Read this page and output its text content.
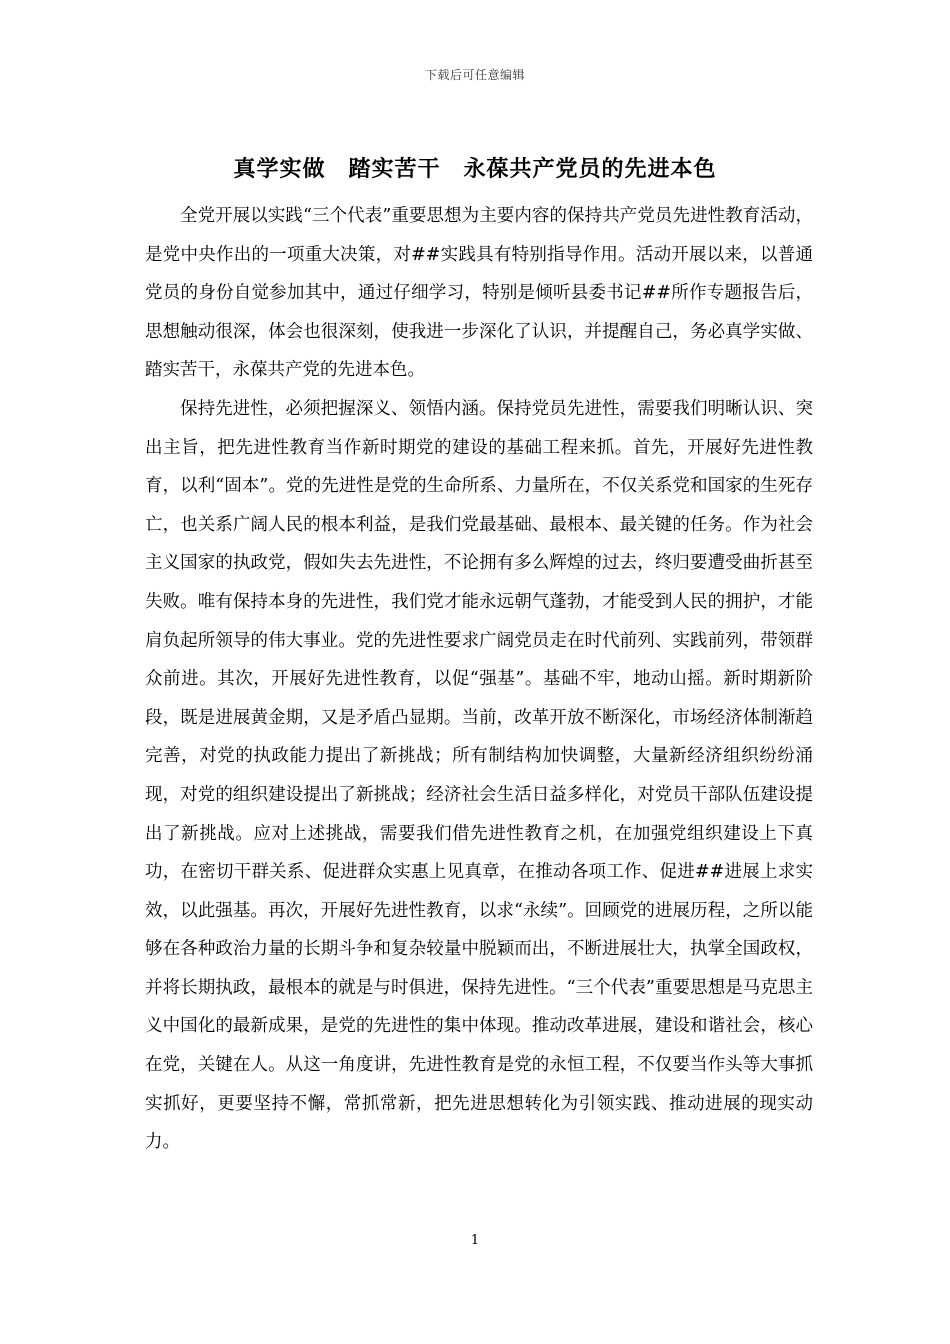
下载后可任意编辑
真学实做　踏实苦干　永葆共产党员的先进本色

全党开展以实践“三个代表”重要思想为主要内容的保持共产党员先进性教育活动，是党中央作出的一项重大决策，对##实践具有特别指导作用。活动开展以来，以普通党员的身份自觉参加其中，通过仔细学习，特别是倾听县委书记##所作专题报告后，思想触动很深，体会也很深刻，使我进一步深化了认识，并提醒自己，务必真学实做、踏实苦干，永葆共产党的先进本色。

保持先进性，必须把握深义、领悟内涵。保持党员先进性，需要我们明晰认识、突出主旨，把先进性教育当作新时期党的建设的基础工程来抓。首先，开展好先进性教育，以利“固本”。党的先进性是党的生命所系、力量所在，不仅关系党和国家的生死存亡，也关系广阔人民的根本利益，是我们党最基础、最根本、最关键的任务。作为社会主义国家的执政党，假如失去先进性，不论拥有多么辉煌的过去，终归要遭受曲折甚至失败。唯有保持本身的先进性，我们党才能永远朝气蓬勃，才能受到人民的拥护，才能肩负起所领导的伟大事业。党的先进性要求广阔党员走在时代前列、实践前列，带领群众前进。其次，开展好先进性教育，以促“强基”。基础不牢，地动山摇。新时期新阶段，既是进展黄金期，又是矛盾凸显期。当前，改革开放不断深化，市场经济体制渐趋完善，对党的执政能力提出了新挑战；所有制结构加快调整，大量新经济组织纷纷涌现，对党的组织建设提出了新挑战；经济社会生活日益多样化，对党员干部队伍建设提出了新挑战。应对上述挑战，需要我们借先进性教育之机，在加强党组织建设上下真功，在密切干群关系、促进群众实惠上见真章，在推动各项工作、促进##进展上求实效，以此强基。再次，开展好先进性教育，以求“永续”。回顾党的进展历程，之所以能够在各种政治力量的长期斗争和复杂较量中脱颖而出，不断进展壮大，执掌全国政权，并将长期执政，最根本的就是与时俱进，保持先进性。“三个代表”重要思想是马克思主义中国化的最新成果，是党的先进性的集中体现。推动改革进展，建设和谐社会，核心在党，关键在人。从这一角度讲，先进性教育是党的永恒工程，不仅要当作头等大事抓实抓好，更要坚持不懈，常抓常新，把先进思想转化为引领实践、推动进展的现实动力。

1
